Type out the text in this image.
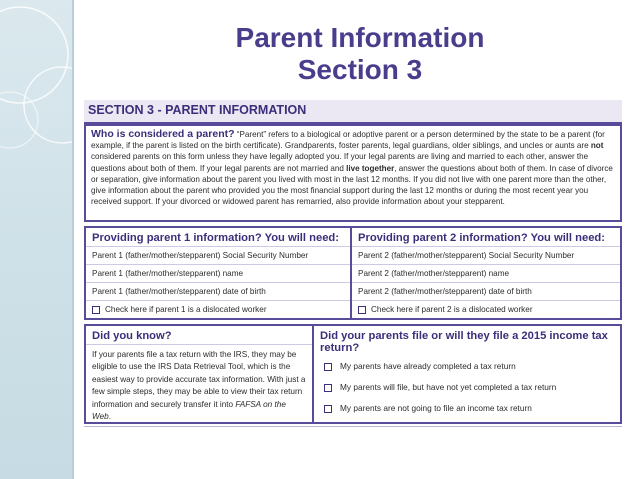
Parent Information
Section 3
SECTION 3 - PARENT INFORMATION
Who is considered a parent? “Parent” refers to a biological or adoptive parent or a person determined by the state to be a parent (for example, if the parent is listed on the birth certificate). Grandparents, foster parents, legal guardians, older siblings, and uncles or aunts are not considered parents on this form unless they have legally adopted you. If your legal parents are living and married to each other, answer the questions about both of them. If your legal parents are not married and live together, answer the questions about both of them. In case of divorce or separation, give information about the parent you lived with most in the last 12 months. If you did not live with one parent more than the other, give information about the parent who provided you the most financial support during the last 12 months or during the most recent year you received support. If your divorced or widowed parent has remarried, also provide information about your stepparent.
Providing parent 1 information? You will need:
Parent 1 (father/mother/stepparent) Social Security Number
Parent 1 (father/mother/stepparent) name
Parent 1 (father/mother/stepparent) date of birth
Check here if parent 1 is a dislocated worker
Providing parent 2 information? You will need:
Parent 2 (father/mother/stepparent) Social Security Number
Parent 2 (father/mother/stepparent) name
Parent 2 (father/mother/stepparent) date of birth
Check here if parent 2 is a dislocated worker
Did you know?
If your parents file a tax return with the IRS, they may be eligible to use the IRS Data Retrieval Tool, which is the easiest way to provide accurate tax information. With just a few simple steps, they may be able to view their tax return information and securely transfer it into FAFSA on the Web.
Did your parents file or will they file a 2015 income tax return?
My parents have already completed a tax return
My parents will file, but have not yet completed a tax return
My parents are not going to file an income tax return
